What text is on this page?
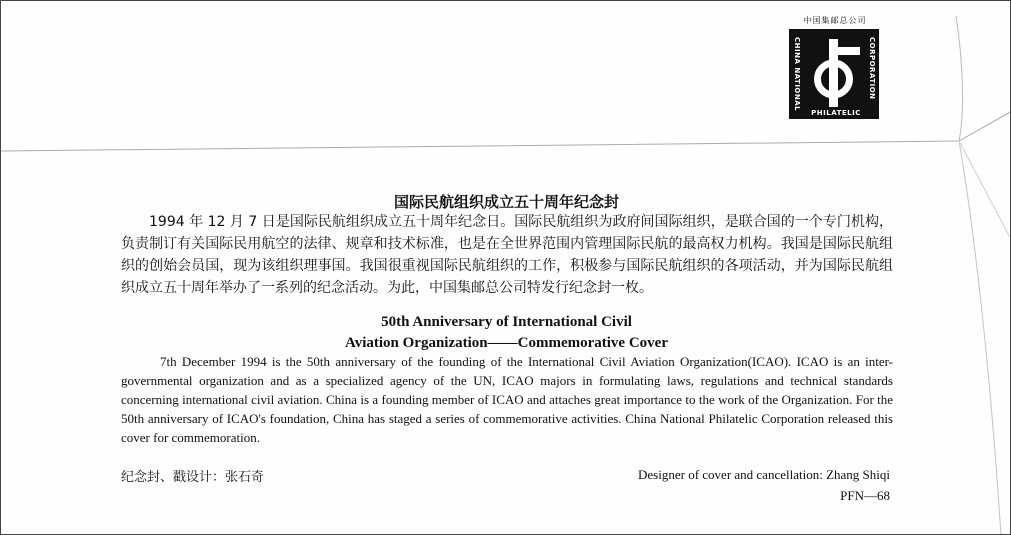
中国集邮总公司
CHINA NATIONAL	CORPORATION
PHILATELIC
国际民航组织成立五十周年纪念封

1994 年 12 月 7 日是国际民航组织成立五十周年纪念日。国际民航组织为政府间国际组织，是联合国的一个专门机构，负责制订有关国际民用航空的法律、规章和技术标准，也是在全世界范围内管理国际民航的最高权力机构。我国是国际民航组织的创始会员国，现为该组织理事国。我国很重视国际民航组织的工作，积极参与国际民航组织的各项活动，并为国际民航组织成立五十周年举办了一系列的纪念活动。为此，中国集邮总公司特发行纪念封一枚。

50th Anniversary of International Civil
Aviation Organization——Commemorative Cover

7th December 1994 is the 50th anniversary of the founding of the International Civil Aviation Organization(ICAO). ICAO is an inter-governmental organization and as a specialized agency of the UN, ICAO majors in formulating laws, regulations and technical standards concerning international civil aviation. China is a founding member of ICAO and attaches great importance to the work of the Organization. For the 50th anniversary of ICAO's foundation, China has staged a series of commemorative activities. China National Philatelic Corporation released this cover for commemoration.

纪念封、戳设计：张石奇	Designer of cover and cancellation: Zhang Shiqi
PFN—68
